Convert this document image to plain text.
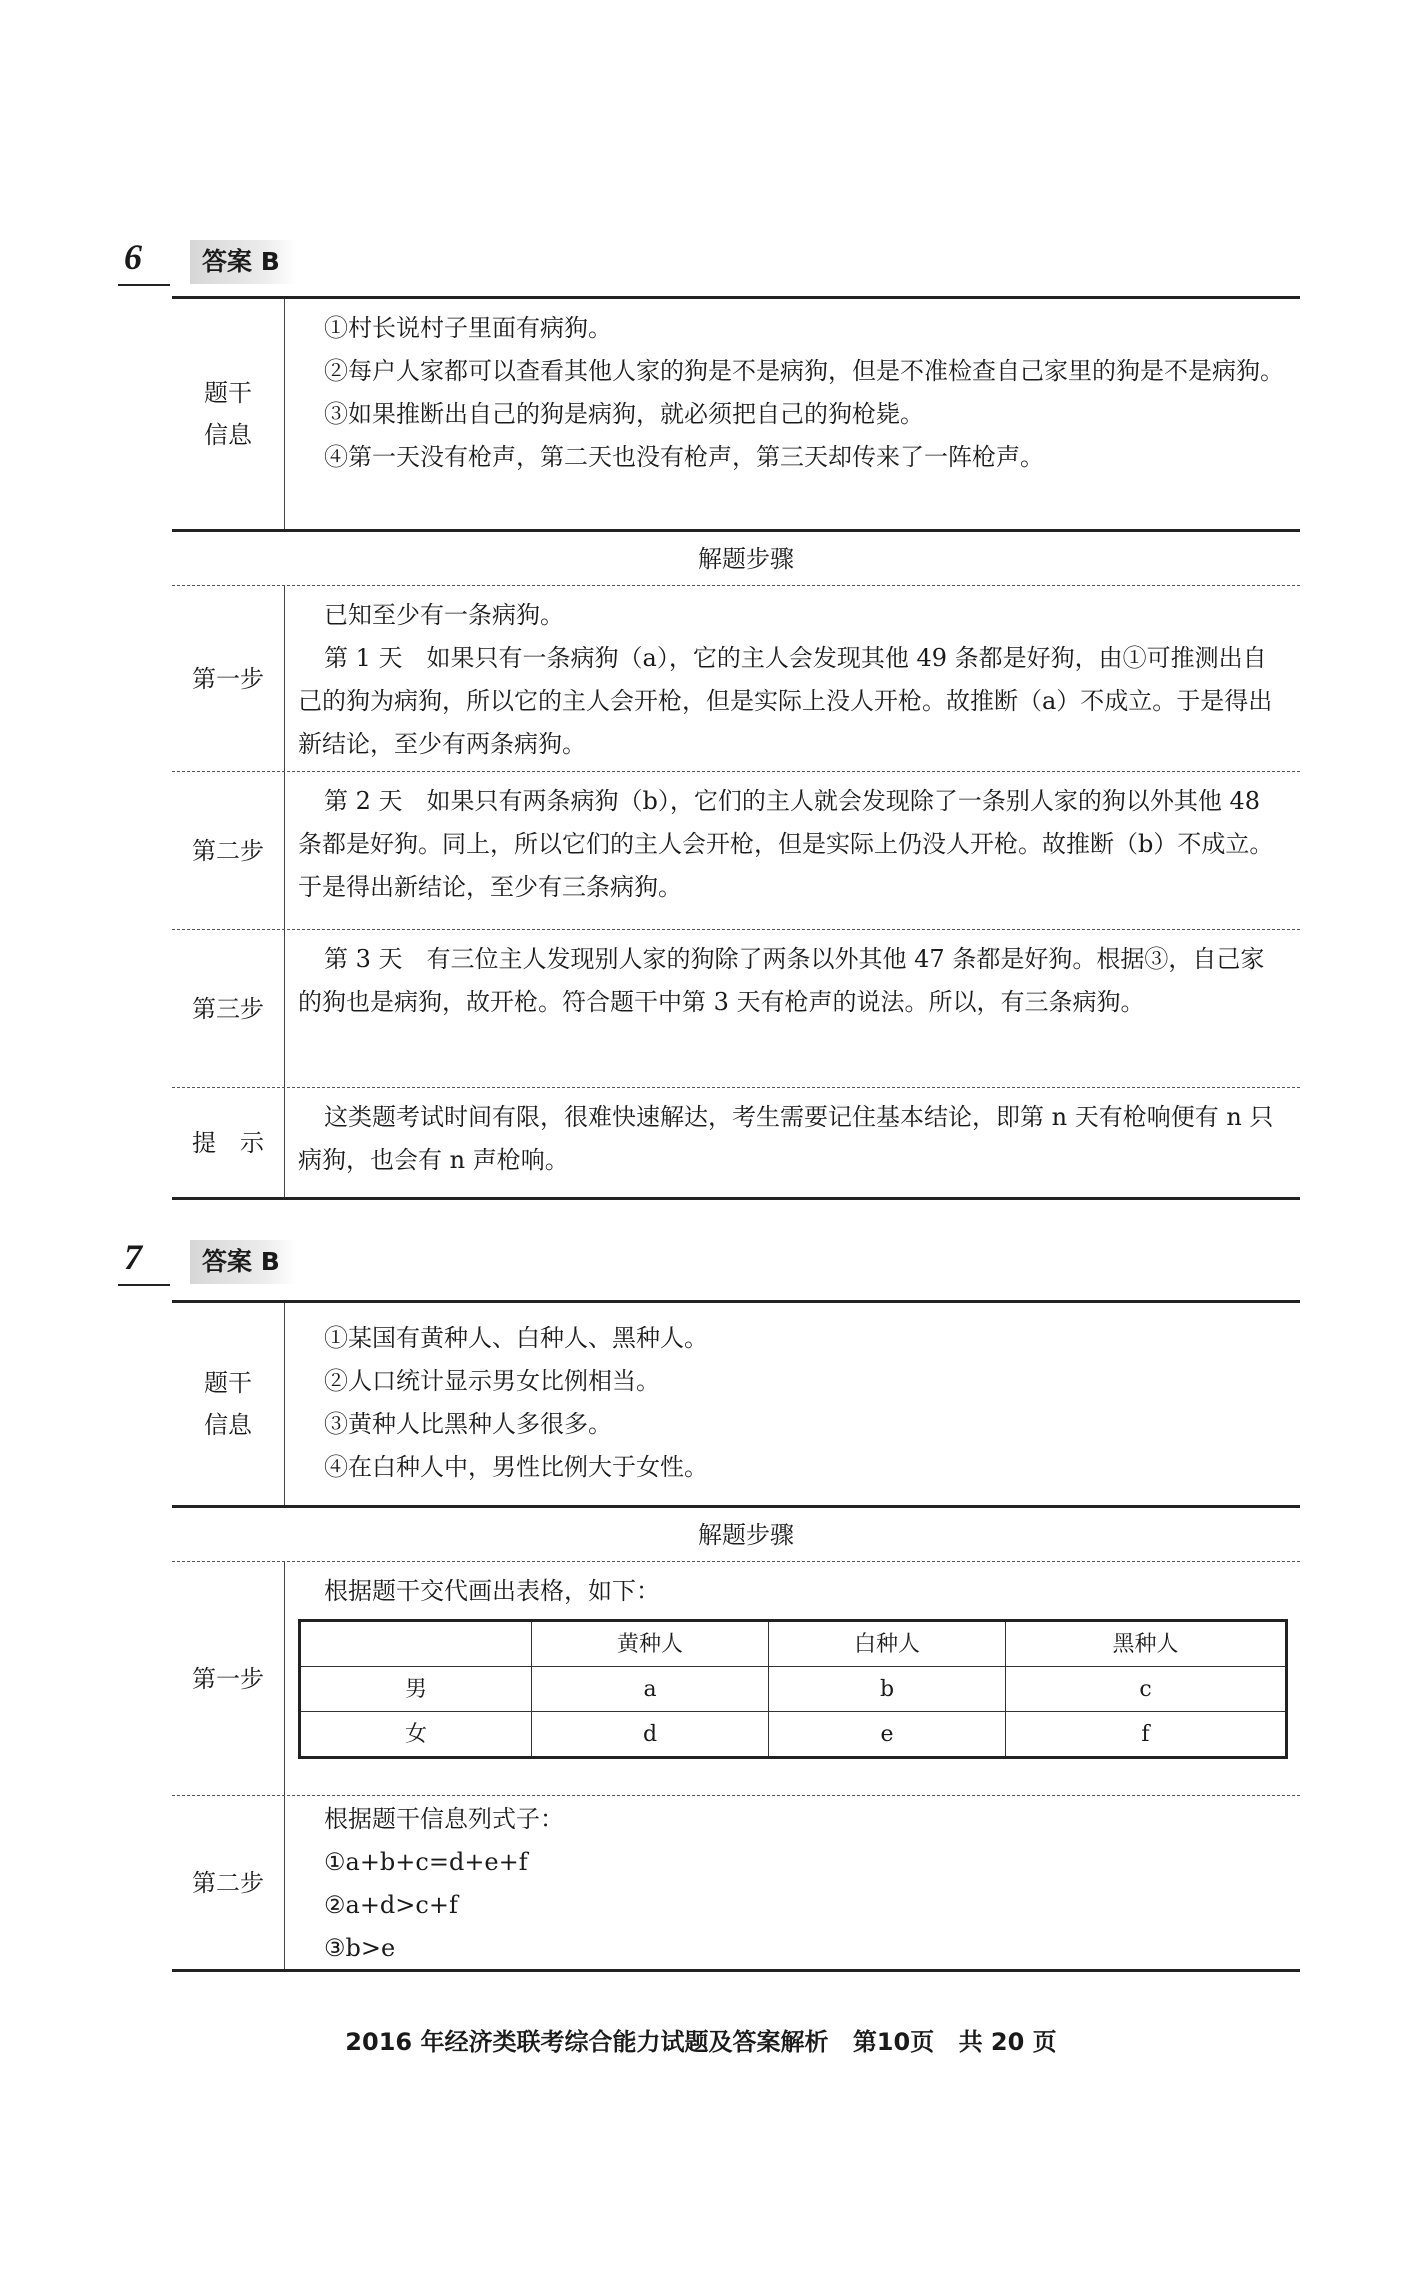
6	答案 B
题干
信息

①村长说村子里面有病狗。

②每户人家都可以查看其他人家的狗是不是病狗，但是不准检查自己家里的狗是不是病狗。

③如果推断出自己的狗是病狗，就必须把自己的狗枪毙。

④第一天没有枪声，第二天也没有枪声，第三天却传来了一阵枪声。

解题步骤
第一步

已知至少有一条病狗。

第 1 天　如果只有一条病狗（a），它的主人会发现其他 49 条都是好狗，由①可推测出自己的狗为病狗，所以它的主人会开枪，但是实际上没人开枪。故推断（a）不成立。于是得出新结论，至少有两条病狗。

第二步

第 2 天　如果只有两条病狗（b），它们的主人就会发现除了一条别人家的狗以外其他 48 条都是好狗。同上，所以它们的主人会开枪，但是实际上仍没人开枪。故推断（b）不成立。于是得出新结论，至少有三条病狗。

第三步

第 3 天　有三位主人发现别人家的狗除了两条以外其他 47 条都是好狗。根据③，自己家的狗也是病狗，故开枪。符合题干中第 3 天有枪声的说法。所以，有三条病狗。

提　示

这类题考试时间有限，很难快速解达，考生需要记住基本结论，即第 n 天有枪响便有 n 只病狗，也会有 n 声枪响。

7	答案 B
题干
信息

①某国有黄种人、白种人、黑种人。

②人口统计显示男女比例相当。

③黄种人比黑种人多很多。

④在白种人中，男性比例大于女性。

解题步骤
第一步

根据题干交代画出表格，如下：

	黄种人	白种人	黑种人
男	a	b	c
女	d	e	f
第二步

根据题干信息列式子：

①a+b+c=d+e+f

②a+d>c+f

③b>e

2016 年经济类联考综合能力试题及答案解析 第10页 共 20 页
